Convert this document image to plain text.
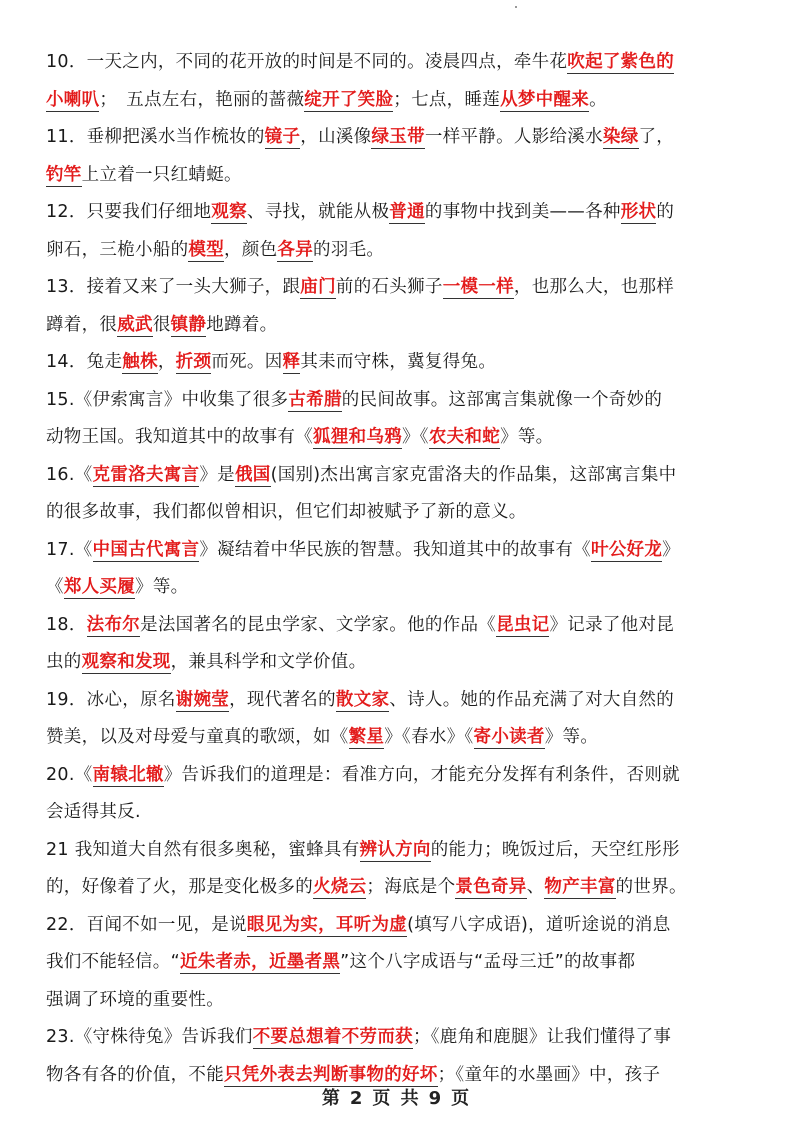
10．一天之内，不同的花开放的时间是不同的。凌晨四点，牵牛花吹起了紫色的
小喇叭；　五点左右，艳丽的蔷薇绽开了笑脸；七点，睡莲从梦中醒来。
11．垂柳把溪水当作梳妆的镜子，山溪像绿玉带一样平静。人影给溪水染绿了，
钓竿上立着一只红蜻蜓。
12．只要我们仔细地观察、寻找，就能从极普通的事物中找到美——各种形状的
卵石，三桅小船的模型，颜色各异的羽毛。
13．接着又来了一头大狮子，跟庙门前的石头狮子一模一样，也那么大，也那样
蹲着，很威武很镇静地蹲着。
14．兔走触株，折颈而死。因释其耒而守株，冀复得兔。
15.《伊索寓言》中收集了很多古希腊的民间故事。这部寓言集就像一个奇妙的
动物王国。我知道其中的故事有《狐狸和乌鸦》《农夫和蛇》等。
16.《克雷洛夫寓言》是俄国(国别)杰出寓言家克雷洛夫的作品集，这部寓言集中
的很多故事，我们都似曾相识，但它们却被赋予了新的意义。
17.《中国古代寓言》凝结着中华民族的智慧。我知道其中的故事有《叶公好龙》
《郑人买履》等。
18．法布尔是法国著名的昆虫学家、文学家。他的作品《昆虫记》记录了他对昆
虫的观察和发现，兼具科学和文学价值。
19．冰心，原名谢婉莹，现代著名的散文家、诗人。她的作品充满了对大自然的
赞美，以及对母爱与童真的歌颂，如《繁星》《春水》《寄小读者》等。
20.《南辕北辙》告诉我们的道理是：看准方向，才能充分发挥有利条件，否则就
会适得其反.
21 我知道大自然有很多奥秘，蜜蜂具有辨认方向的能力；晚饭过后，天空红彤彤
的，好像着了火，那是变化极多的火烧云；海底是个景色奇异、物产丰富的世界。
22．百闻不如一见，是说眼见为实，耳听为虚(填写八字成语)，道听途说的消息
我们不能轻信。“近朱者赤，近墨者黑”这个八字成语与“孟母三迁”的故事都
强调了环境的重要性。
23.《守株待兔》告诉我们不要总想着不劳而获；《鹿角和鹿腿》让我们懂得了事
物各有各的价值，不能只凭外表去判断事物的好坏；《童年的水墨画》中，孩子
第 2 页 共 9 页
